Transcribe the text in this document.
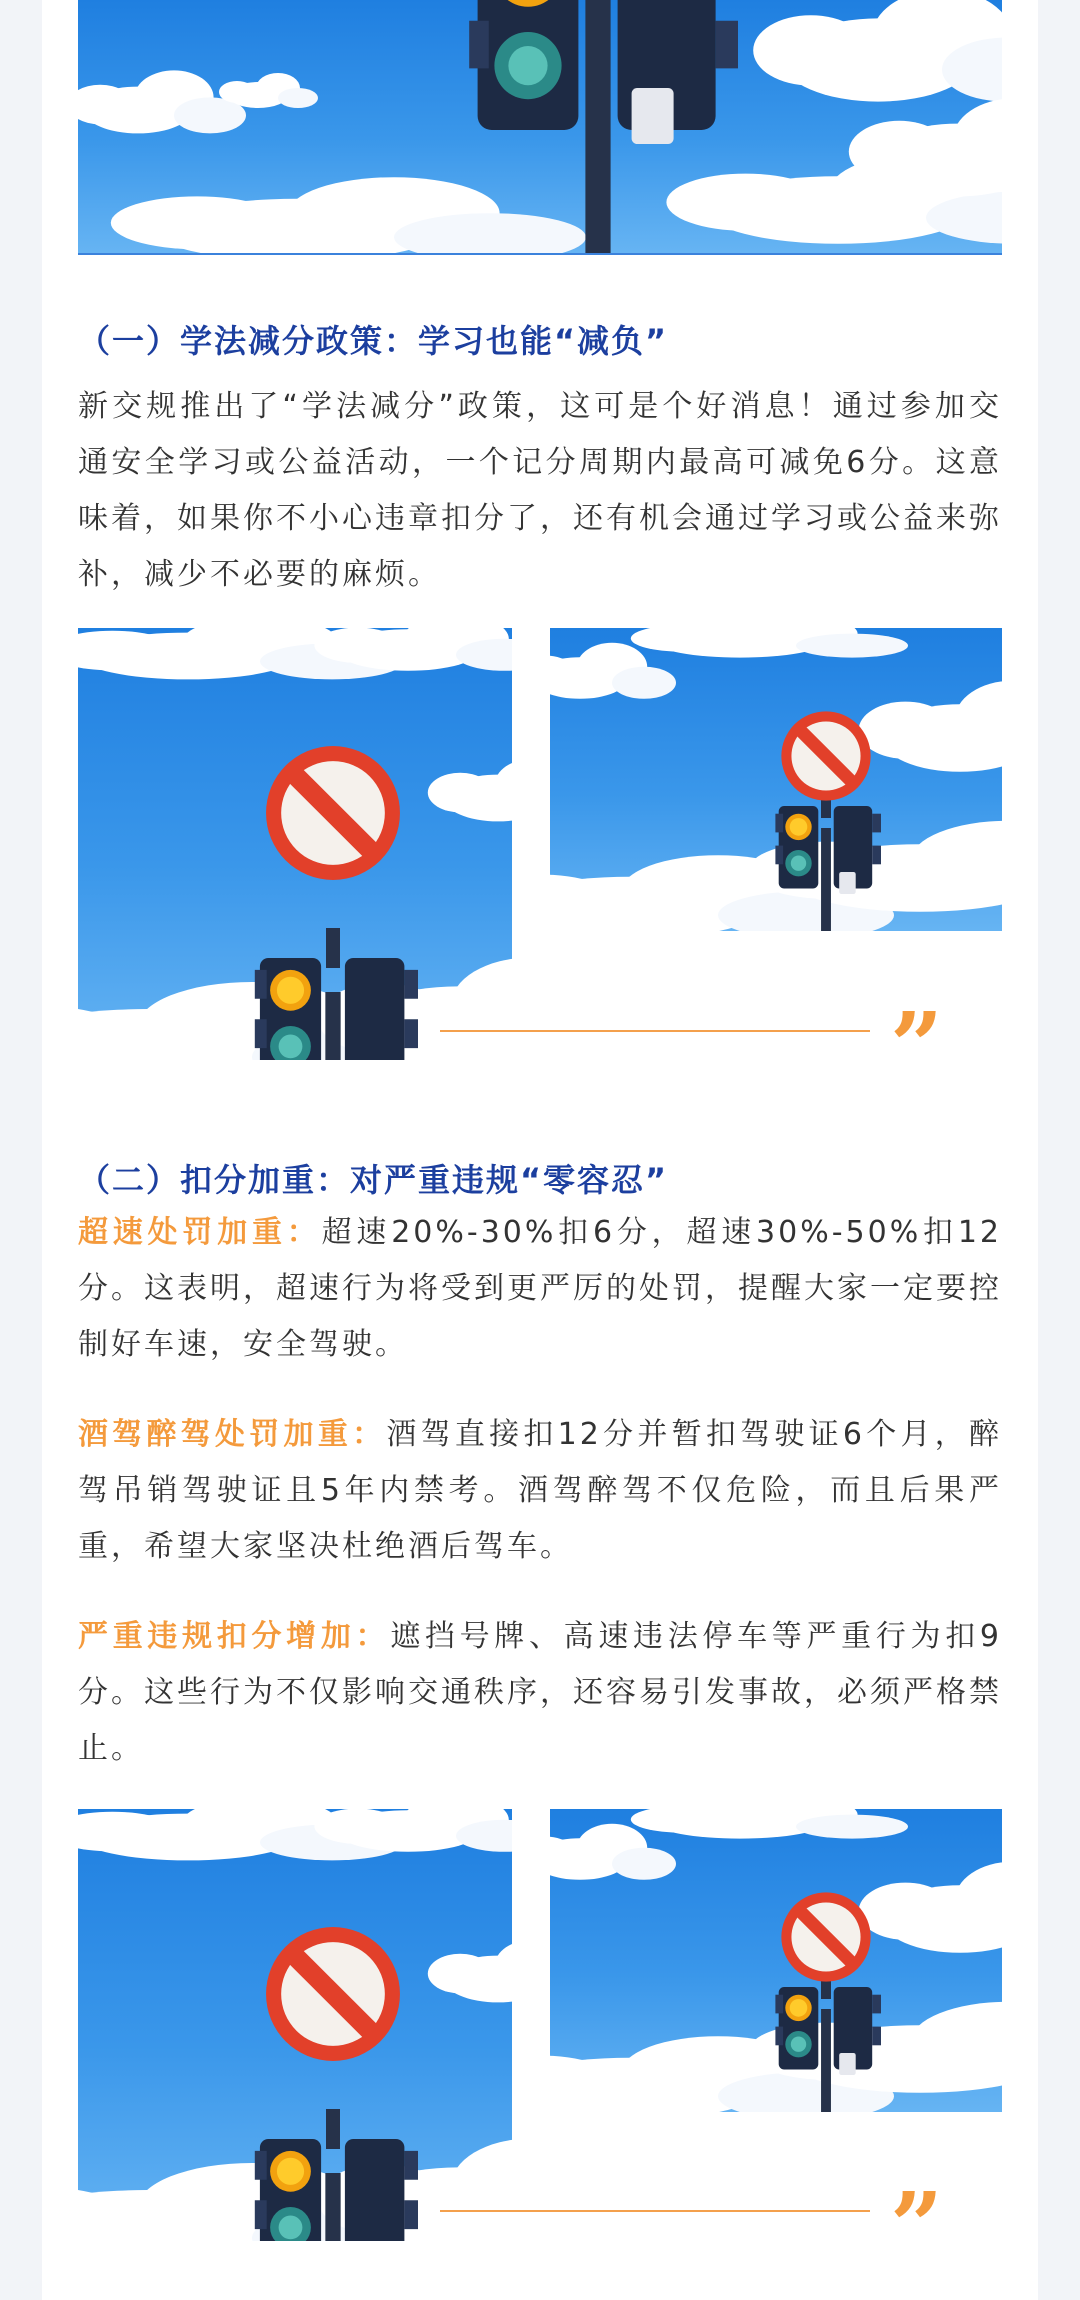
（一）学法减分政策：学习也能“减负”
新交规推出了“学法减分”政策，这可是个好消息！通过参加交通安全学习或公益活动，一个记分周期内最高可减免6分。这意味着，如果你不小心违章扣分了，还有机会通过学习或公益来弥补，减少不必要的麻烦。
”
（二）扣分加重：对严重违规“零容忍”
超速处罚加重：超速20%-30%扣6分，超速30%-50%扣12分。这表明，超速行为将受到更严厉的处罚，提醒大家一定要控制好车速，安全驾驶。
酒驾醉驾处罚加重：酒驾直接扣12分并暂扣驾驶证6个月，醉驾吊销驾驶证且5年内禁考。酒驾醉驾不仅危险，而且后果严重，希望大家坚决杜绝酒后驾车。
严重违规扣分增加：遮挡号牌、高速违法停车等严重行为扣9分。这些行为不仅影响交通秩序，还容易引发事故，必须严格禁止。
”
